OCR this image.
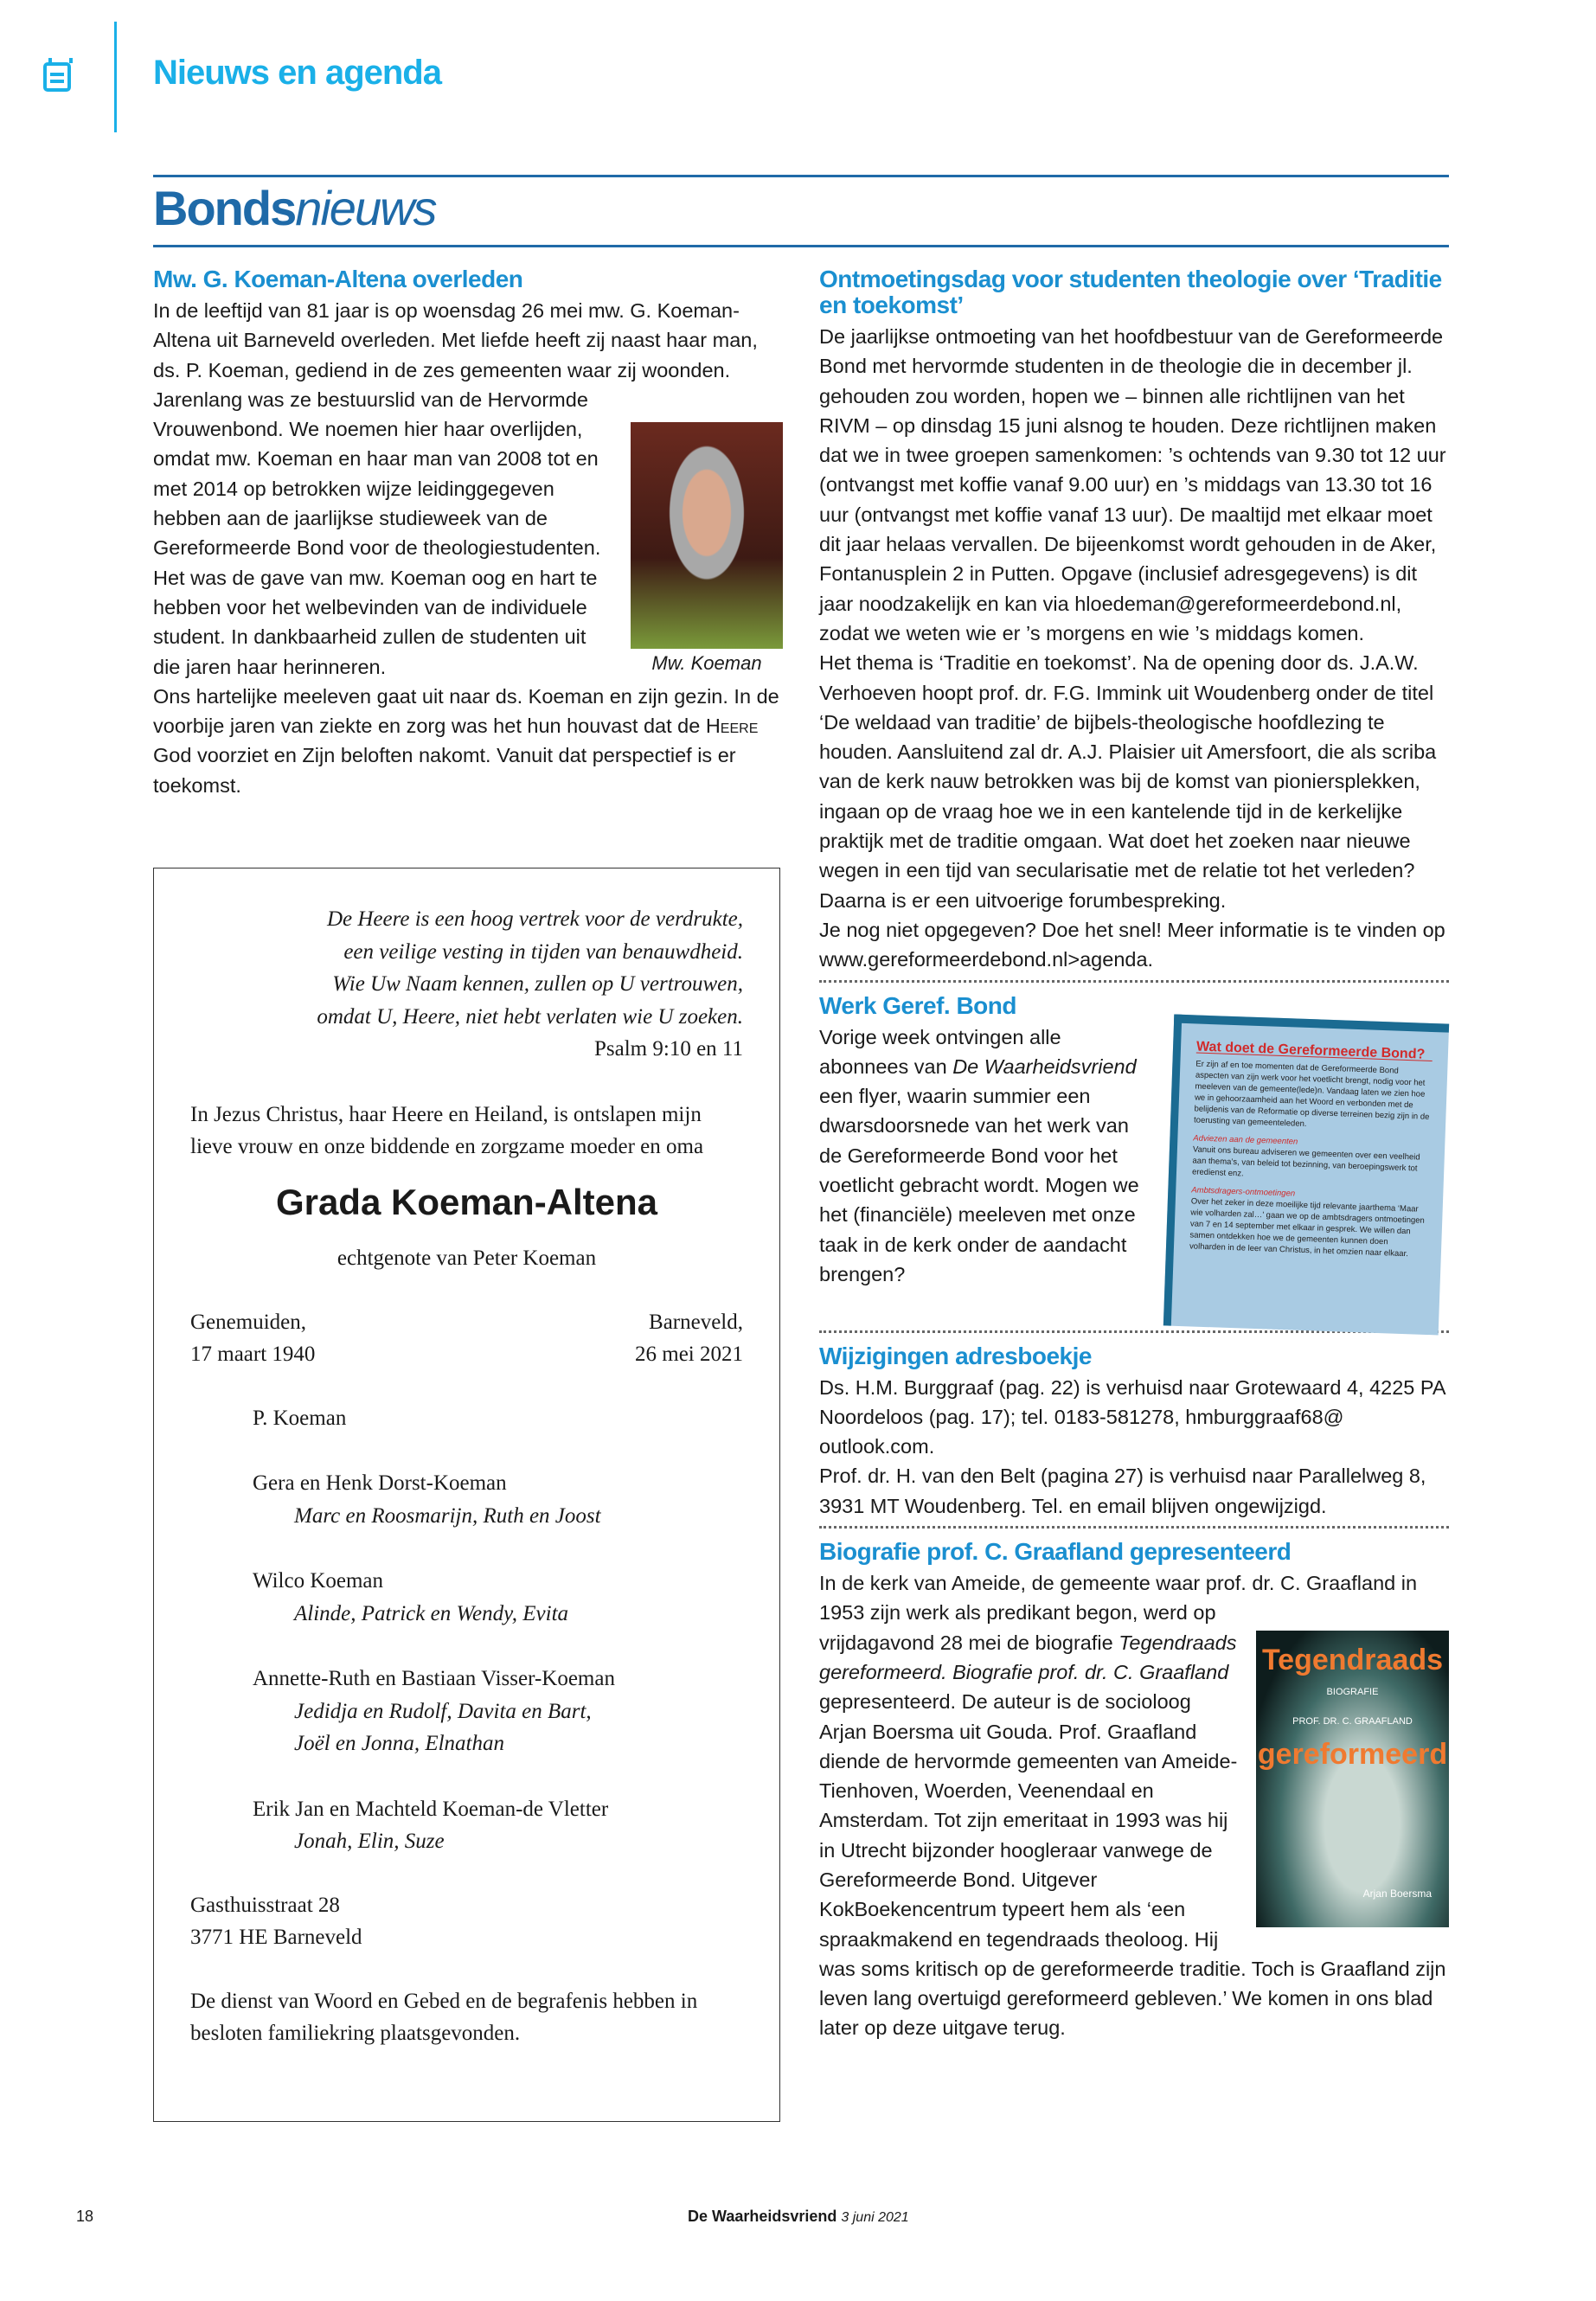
Nieuws en agenda
Bondsnieuws
Mw. G. Koeman-Altena overleden
Mw. Koeman

In de leeftijd van 81 jaar is op woensdag 26 mei mw. G. Koeman-Altena uit Barneveld overleden. Met liefde heeft zij naast haar man, ds. P. Koeman, gediend in de zes gemeenten waar zij woonden. Jarenlang was ze bestuurslid van de Hervormde Vrouwenbond. We noemen hier haar overlijden, omdat mw. Koeman en haar man van 2008 tot en met 2014 op betrokken wijze leidinggegeven hebben aan de jaarlijkse studieweek van de Gereformeerde Bond voor de theologiestudenten. Het was de gave van mw. Koeman oog en hart te hebben voor het welbevinden van de individuele student. In dankbaarheid zullen de studenten uit die jaren haar herinneren.

Ons hartelijke meeleven gaat uit naar ds. Koeman en zijn gezin. In de voorbije jaren van ziekte en zorg was het hun houvast dat de Heere God voorziet en Zijn beloften nakomt. Vanuit dat perspectief is er toekomst.

De Heere is een hoog vertrek voor de verdrukte,
een veilige vesting in tijden van benauwdheid.
Wie Uw Naam kennen, zullen op U vertrouwen,
omdat U, Heere, niet hebt verlaten wie U zoeken.
Psalm 9:10 en 11

In Jezus Christus, haar Heere en Heiland, is ontslapen mijn lieve vrouw en onze biddende en zorgzame moeder en oma

Grada Koeman-Altena
echtgenote van Peter Koeman
Genemuiden,
17 maart 1940
Barneveld,
26 mei 2021
P. Koeman
Gera en Henk Dorst-Koeman
Marc en Roosmarijn, Ruth en Joost
Wilco Koeman
Alinde, Patrick en Wendy, Evita
Annette-Ruth en Bastiaan Visser-Koeman
Jedidja en Rudolf, Davita en Bart,
Joël en Jonna, Elnathan
Erik Jan en Machteld Koeman-de Vletter
Jonah, Elin, Suze
Gasthuisstraat 28
3771 HE Barneveld

De dienst van Woord en Gebed en de begrafenis hebben in besloten familiekring plaatsgevonden.

Ontmoetingsdag voor studenten theologie over ‘Traditie en toekomst’

De jaarlijkse ontmoeting van het hoofdbestuur van de Gereformeerde Bond met hervormde studenten in de theologie die in december jl. gehouden zou worden, hopen we – binnen alle richtlijnen van het RIVM – op dinsdag 15 juni alsnog te houden. Deze richtlijnen maken dat we in twee groepen samenkomen: ’s ochtends van 9.30 tot 12 uur (ontvangst met koffie vanaf 9.00 uur) en ’s middags van 13.30 tot 16 uur (ontvangst met koffie vanaf 13 uur). De maaltijd met elkaar moet dit jaar helaas vervallen. De bijeenkomst wordt gehouden in de Aker, Fontanusplein 2 in Putten. Opgave (inclusief adresgegevens) is dit jaar noodzakelijk en kan via hloedeman@gereformeerdebond.nl, zodat we weten wie er ’s morgens en wie ’s middags komen.

Het thema is ‘Traditie en toekomst’. Na de opening door ds. J.A.W. Verhoeven hoopt prof. dr. F.G. Immink uit Woudenberg onder de titel ‘De weldaad van traditie’ de bijbels-theologische hoofdlezing te houden. Aansluitend zal dr. A.J. Plaisier uit Amersfoort, die als scriba van de kerk nauw betrokken was bij de komst van pioniersplekken, ingaan op de vraag hoe we in een kantelende tijd in de kerkelijke praktijk met de traditie omgaan. Wat doet het zoeken naar nieuwe wegen in een tijd van secularisatie met de relatie tot het verleden? Daarna is er een uitvoerige forumbespreking.

Je nog niet opgegeven? Doe het snel! Meer informatie is te vinden op www.gereformeerdebond.nl>agenda.

Werk Geref. Bond
Wat doet de Gereformeerde Bond?
Er zijn af en toe momenten dat de Gereformeerde Bond aspecten van zijn werk voor het voetlicht brengt, nodig voor het meeleven van de gemeente(lede)n. Vandaag laten we zien hoe we in gehoorzaamheid aan het Woord en verbonden met de belijdenis van de Reformatie op diverse terreinen bezig zijn in de toerusting van gemeenteleden.
Adviezen aan de gemeenten
Vanuit ons bureau adviseren we gemeenten over een veelheid aan thema’s, van beleid tot bezinning, van beroepingswerk tot eredienst enz.
Ambtsdragers-ontmoetingen
Over het zeker in deze moeilijke tijd relevante jaarthema ‘Maar wie volharden zal…’ gaan we op de ambtsdragers ontmoetingen van 7 en 14 september met elkaar in gesprek. We willen dan samen ontdekken hoe we de gemeenten kunnen doen volharden in de leer van Christus, in het omzien naar elkaar.

Vorige week ontvingen alle abonnees van De Waarheidsvriend een flyer, waarin summier een dwarsdoorsnede van het werk van de Gereformeerde Bond voor het voetlicht gebracht wordt. Mogen we het (financiële) meeleven met onze taak in de kerk onder de aandacht brengen?

Wijzigingen adresboekje

Ds. H.M. Burggraaf (pag. 22) is verhuisd naar Grotewaard 4, 4225 PA Noordeloos (pag. 17); tel. 0183-581278, hmburggraaf68@ outlook.com.

Prof. dr. H. van den Belt (pagina 27) is verhuisd naar Parallelweg 8, 3931 MT Woudenberg. Tel. en email blijven ongewijzigd.

Biografie prof. C. Graafland gepresenteerd
Tegendraads
BIOGRAFIE
PROF. DR. C. GRAAFLAND
gereformeerd
Arjan Boersma

In de kerk van Ameide, de gemeente waar prof. dr. C. Graafland in 1953 zijn werk als predikant begon, werd op vrijdagavond 28 mei de biografie Tegendraads gereformeerd. Biografie prof. dr. C. Graafland gepresenteerd. De auteur is de socioloog Arjan Boersma uit Gouda. Prof. Graafland diende de hervormde gemeenten van Ameide-Tienhoven, Woerden, Veenendaal en Amsterdam. Tot zijn emeritaat in 1993 was hij in Utrecht bijzonder hoogleraar vanwege de Gereformeerde Bond. Uitgever KokBoekencentrum typeert hem als ‘een spraakmakend en tegendraads theoloog. Hij was soms kritisch op de gereformeerde traditie. Toch is Graafland zijn leven lang overtuigd gereformeerd gebleven.’ We komen in ons blad later op deze uitgave terug.

18	De Waarheidsvriend 3 juni 2021
